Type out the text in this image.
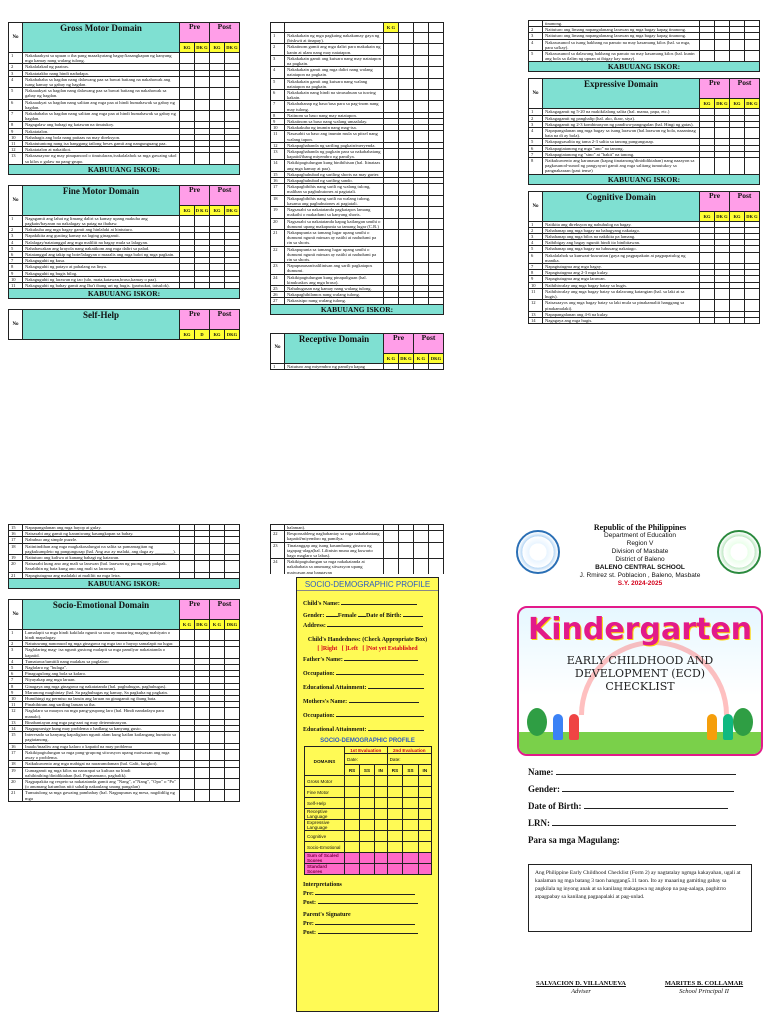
No	Gross Motor Domain	Pre		Post	
		KG	DK G	KG	DK G
1	Nakakaakyat sa upuan o iba pang maaakyatang bagay/kasangkapan ng kanyang mga kamay nang walang tulong.				
2	Nakalalakad ng paatras.				
3	Nakatatakbo nang hindi nadudapa.				
4	Nakabababa sa hagdan nang dalawang paa sa bawat baitang na nakahawak ang isang kamay sa gabay ng hagdan.				
5	Nakaaakyat sa hagdan nang dalawang paa sa bawat baitang na nakahawak sa gabay ng hagdan.				
6	Nakaaakyat sa hagdan nang salitan ang mga paa at hindi humahawak sa gabay ng hagdan.				
7	Nakabababa sa hagdan nang salitan ang mga paa at hindi humahawak sa gabay ng hagdan.				
8	Nagagalaw ang bahagi ng katawan na tinutukoy.				
9	Nakatatalon.				
10	Nahahagis ang bola nang paitaas na may direksyon.				
11	Nakatutuntong nang isa hanggang tatlong beses gamit ang nangunguang paa.				
12	Nakatatalon at nakaiikot.				
13	Nakasasayaw ng may pinapanood o tinutularan,/nakalalahok sa mga gawaing ukol sa kilos o galaw na pang-grupo.				
KABUUANG ISKOR:					
No	Fine Motor Domain	Pre		Post	
		KG	D K G	KG	DK G
1	Nagagamit ang lahat ng limang daliri sa kamay upang makuha ang pagkain/bayaran na nakalagay sa patag na ibabaw.				
2	Nakukuha ang mga bagay gamit ang hinlalaki at hintuturo.				
3	Napakikita ang gusting kamay na laging ginagamit.				
4	Nalalagay/natatanggal ang mga maliliit na bagay mula sa lalagyan.				
5	Nahahawakan ang krayola nang nakatikom ang mga daliri sa palad.				
6	Natatanggal ang takip ng bote/lalagyan o maaalis ang mga balot ng mga pagkain.				
7	Nakaguguhit ng kusa.				
8	Nakaguguhit ng patayo at pahalang na linya.				
9	Nakaguguhit ng bugis bilog.				
10	Nakaguguhit ng larawan ng tao (ulo, mata,katawan,braso,kamay o paa).				
11	Nakaguguhit ng bahay gamit ang Iba't ibang uri ng hugis. (parisukat, tatsulok).				
KABUUANG ISKOR:					
No	Self-Help	Pre		Post	
		KG	D	KG	DKG
		K G			
1	Nakakakain ng mga pagkaing nakakamay gaya ng (biskwit at tinapay).				
2	Nakaiinom gamit ang mga daliri para makakain ng kanin at ulam nang may natatapon.				
3	Nakakakain gamit ang kutsara nang may natatapon na pagkain.				
4	Nakakakain gamit ang mga daliri nang walang natatapon na pagkain.				
5	Nakakakain gamit ang kutsara nang walang natatapon na pagkain.				
6	Nakakakain nang hindi na sinusubuan sa tuwing kakain.				
7	Nakahahanap ng baso/tasa para sa pag-inom nang may tulong.				
8	Naiinom sa baso nang may natatapon.				
9	Nakaiinom sa baso nang walang umaalalay.				
10	Nakakakuha ng inumin nang mag-isa.				
11	Nasasabit sa baso ang inumin mula sa pitsel nang walang tapon.				
12	Nakapaghahanda ng sariling pagkain/meryenda.				
13	Nakapaghahanda ng pagkain para sa nakababatang kapatid/ibang miyembro ng pamilya.				
14	Nakikipagtulungan kung binibihisan (hal. Itinataas ang mga kamay at paa).				
15	Nakapaghuhubad ng sariling shorts na may garter.				
16	Nakapaghuhubad ng sariling sando.				
17	Nakapagbibihis nang sarili ng walang tulong, maliban sa pagbubutones at pagtatali.				
18	Nakapagbibihis nang sarili na walang tulong, kasama ang pagbubutones at pagtatali.				
19	Nagsasabi sa nakatatanda pagkatapos lamang makaihi o makadumi sa kanyang shorts.				
20	Nagsasabi sa nakatatanda kapag kailangan umihi o dumumi upang makapunta sa tamang lugar (C.R.)				
21	Nakapupunta sa tamang lugar upang umihi o dumumi ngunit minsan ay naiihi at nadudumi pa rin sa shorts.				
22	Nakapupunta sa tamang lugar upang umihi o dumumi ngunit minsan ay naiihi at nadudumi pa rin sa shorts.				
23	Napupunasan/nalilinisan ang sarili pagkatapos dumumi.				
24	Nakikipagtulungan kung pinapaliguan (hal. kinukuskos ang mga braso).				
25	Nahuhugasan nag kamay nang walang tulong.				
26	Nakapaghihilamos nang walang tulong.				
27	Nakasisipo nang walang tulong.				
KABUUANG ISKOR:					
No	Receptive Domain	Pre		Post	
		K G	DK G	K G	DKG
1	Natuturo ang miyembro ng pamilya kapag				
	tinanong.				
2	Naituturo ang limang napangalanang larawan ng mga bagay kapag tinanong.				
3	Naituturo ang limang napangalanang larawan ng mga bagay kapag tinanong.				
4	Nakasusunod sa isang hakbang na panuto na may kasamang kilos (hal. sa mga, para sa/kay).				
5	Nakasusunod sa dalawang hakbang na panuto na may kasamang kilos (hal. kunin ang bola sa ilalim ng upuan at ibigay kay nanay).				
KABUUANG ISKOR:					
No	Expressive Domain	Pre		Post	
		KG	DK G	KG	DK G
1	Nakagagamit ng 5-20 na makikilalang salita (hal. mama, papa, etc.)				
2	Nakagagamit ng panghalip (hal. ako, ikaw, siya).				
3	Nakagagamit ng 2-3 kombinasyon ng pandiwa-pangngalan (hal. Hingi ng gatas).				
4	Napapangalanan ang mga bagay sa isang larawan (hal.larawan ng bola, naaaninag bata na di ay bola).				
5	Nakapagsasalita ng tama 2-3 salita sa tanong pangungusap.				
6	Nakapagtatanong ng mga "ano" na tanong.				
7	Nakapagtatanong ng "sino" at "bakit" na tanong.				
8	Naikukuwento ang karanasan (kapag tinatanong/dinididiktahan) nang naaayon sa pagkasunod-sunod ng pangyayari gamit ang mga salitang tumutukoy sa pangnakaraan (past tense)				
KABUUANG ISKOR:					
No	Cognitive Domain	Pre		Post	
		KG	DK G	KG	DK G
1	Naiikita ang direksyon ng nahuhulog na bagay.				
2	Nahahanap ang mga bagay na bahagyang nakatago.				
3	Nahahanap ang mga bilos na nakikita pa lamang.				
4	Naibibigay ang bagay nguniit hindi ito binibitawan.				
5	Nahahanap ang mga bagay na lubusang nakatago.				
6	Nakalalahok sa kunwari-kuwarian (gaya ng pagpapakain at pagpapatulog ng manika.				
7	Napagtutugma ang mga bagay.				
8	Napagtutugma ang 2-3 mga kulay.				
9	Napagtutugma ang mga larawan.				
10	Naihihiwalay ang mga bagay batay sa hugis.				
11	Naihihiwalay ang mga bagay batay sa dalawang katangian (hal. sa laki at sa hugis).				
12	Naisasaayos ang mga bagay batay sa laki mula sa pinakamaliit hanggang sa pinakamalaki).				
13	Napapangalanan ang 4-6 na kulay.				
14	Nagagaya ang mga hugis.				
15	Napapangalanan ang mga hayop at gulay.				
16	Naisasabi ang gamit ng karaniwang kasangkapan sa bahay.				
17	Nabubuo ang simple puzzle.				
18	Naiintindihan ang mga magkakasalungat na salita sa pamamagitan ng pagkukumpleto ng pangungusap (hal. Ang aso ay malaki, ang daga ay ________).				
19	Naituturo ang kaliwa at kanang bahagi ng katawan.				
20	Naisasabi kung ano ang mali sa larawan (hal. larawan ng puong may pakpak. Sasabihin ng bata kung ano ang mali sa larawan).				
21	Napagtutugma ang malalaki at maliliit na mga letra.				
KABUUANG ISKOR:					
No	Socio-Emotional Domain	Pre		Post	
		K G	DK G	K G	DKG
1	Lumalapit sa mga hindi kakilala ngunit sa una ay maaaring maging mahiyain o hindi mapalagay.				
2	Natutuwang nanonuod ng mga ginagawa ng mga tao o hayop samalapit na lugar.				
3	Naglalaring mag- isa ngunit gustong malapit sa mga pamilyar nakatatanda o kapatid.				
4	Tumatawa/tumitili nang malakas sa paglalaro				
5	Naglalaro ng "bulaga".				
6	Pinagugulong ang bola sa kalaro.				
7	Niyayakap ang mga laruan.				
8	Ginagaya ang mga ginagawa ng nakatatanda (hal. paghuhugas, paghuhugas).				
9	Marunong maghintay (hal. Sa paghuhugas ng kamay, Sa pagkuha ng pagkain.				
10	Humihingi ng permiso na laruin ang laruan na ginagamit ng ibang bata.				
11	Pinahihiram ang sariling laruan sa iba.				
12	Naglalaro sa maayos na mga pang-grupong laro (hal. Hindi nandadaya para manalo).				
13	Binabantayan ang mga pag-aari ng may determinasyon.				
14	Nagpupursige kung may problema o hadlang sa kanyang gusto.				
15	Interesado sa kanyang kapaligiran ngunit alam kung kailan kailangang huminto sa pagtatanong.				
16	Inaalo/inaaliw ang mga kalaro o kapatid na may problema				
17	Nakikipagtulungan sa mga pang-grupong sitwasyon upang maiwasan ang mga away o problema.				
18	Naikukuwento ang mga mabigat na nararamdaman (hal. Galit, lungkot).				
19	Gumagamit ng mga kilos na nararapat sa kultura na hindi nahihinihing/dinidiktahan (hal. Pagmamano, paghalik).				
20	Nagpapakita ng respeto sa nakatatanda gamit ang "Nang", o"Nang", "Opo" o "Po" (o anumang katumbas nitó sahalip nakaulang unang pangalan)				
21	Tumutulong sa mga gawaing pambahay (hal. Nagpupunas ng mesa, nagdidilig ng mga				
	halaman).				
22	Responsableng nagbabantay sa mga nakababatang kapatid/miyembro ng pamilya.				
23	Tinatanggap ang isang kasunduang ginawa ng tagapag-alaga(hal. Lilinisin muna ang kuwarto bago maglaro sa labas).				
24	Nakikipagtulungan sa mga nakakatanda at nakababata sa anumang sitwasyon upang maiwasan ang bangayan				

SOCIO-DEMOGRAPHIC PROFILE
Child's Name:
Gender: Female Date of Birth:
Address:
Child's Handedness: (Check Appropriate Box)
[ ]Right [ ]Left [ ]Not yet Established
Father's Name:
Occupation:
Educational Attainment:
Mothers's Name:
Occupation:
Educational Attainment:
SOCIO-DEMOGRAPHIC PROFILE
DOMAINS	1st Evaluation			2nd Evaluation		
	Date:			Date:		
	RS	SS	IN	RS	SS	IN
Gross Motor						
Fine Motor						
Self-Help						
Receptive Language						
Expressive Language						
Cognitive						
Socio-Emotional						
Sum of Scaled Scores						
Standard Scores						
Interpretations
Pre:
Post:
Parent's Signature
Pre:
Post:
Republic of the Philippines
Department of Education
Region V
Division of Masbate
District of Baleno
BALENO CENTRAL SCHOOL
J. Rmirez st. Poblacion , Baleno, Masbate
S.Y. 2024-2025
Kindergarten
EARLY CHILDHOOD AND
DEVELOPMENT (ECD)
CHECKLIST
Name:
Gender:
Date of Birth:
LRN:
Para sa mga Magulang:
Ang Philippine Early Childhood Checklist (Form 2) ay nagtatalay ngmga kakayahan, ugali at kaalaman ng mga batang 3 taon hanggang5.11 taon. Ito ay maaaring gamiting gabay sa pagkilala ng inyong anak at sa kanilang makagawa ng angkop na pag-aalaga, paghitrro atpagpabay sa kanilang pagpapalaki at pag-unlad.
SALVACION D. VILLANUEVA
Adviser
MARITES B. COLLAMAR
School Principal II
